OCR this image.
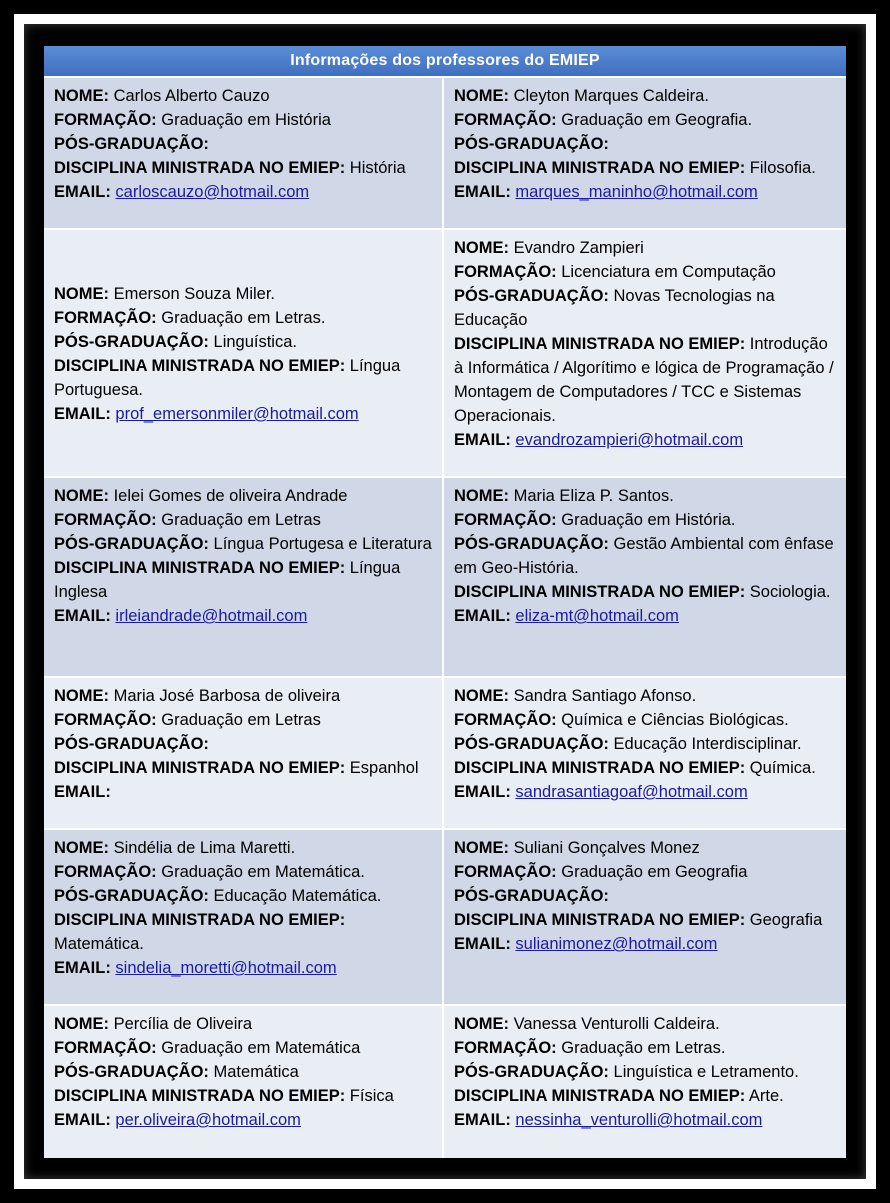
Informações dos professores do EMIEP
NOME: Carlos Alberto Cauzo
FORMAÇÃO: Graduação em História
PÓS-GRADUAÇÃO:
DISCIPLINA MINISTRADA NO EMIEP: História
EMAIL: carloscauzo@hotmail.com
NOME: Cleyton Marques Caldeira.
FORMAÇÃO: Graduação em Geografia.
PÓS-GRADUAÇÃO:
DISCIPLINA MINISTRADA NO EMIEP: Filosofia.
EMAIL: marques_maninho@hotmail.com
NOME: Emerson Souza Miler.
FORMAÇÃO: Graduação em Letras.
PÓS-GRADUAÇÃO: Linguística.
DISCIPLINA MINISTRADA NO EMIEP: Língua Portuguesa.
EMAIL: prof_emersonmiler@hotmail.com
NOME: Evandro Zampieri
FORMAÇÃO: Licenciatura em Computação
PÓS-GRADUAÇÃO: Novas Tecnologias na Educação
DISCIPLINA MINISTRADA NO EMIEP: Introdução à Informática / Algorítimo e lógica de Programação / Montagem de Computadores / TCC e Sistemas Operacionais.
EMAIL: evandrozampieri@hotmail.com
NOME: Ielei Gomes de oliveira Andrade
FORMAÇÃO: Graduação em Letras
PÓS-GRADUAÇÃO: Língua Portugesa e Literatura
DISCIPLINA MINISTRADA NO EMIEP: Língua Inglesa
EMAIL: irleiandrade@hotmail.com
NOME: Maria Eliza P. Santos.
FORMAÇÃO: Graduação em História.
PÓS-GRADUAÇÃO: Gestão Ambiental com ênfase em Geo-História.
DISCIPLINA MINISTRADA NO EMIEP: Sociologia.
EMAIL: eliza-mt@hotmail.com
NOME: Maria José Barbosa de oliveira
FORMAÇÃO: Graduação em Letras
PÓS-GRADUAÇÃO:
DISCIPLINA MINISTRADA NO EMIEP: Espanhol
EMAIL:
NOME: Sandra Santiago Afonso.
FORMAÇÃO: Química e Ciências Biológicas.
PÓS-GRADUAÇÃO: Educação Interdisciplinar.
DISCIPLINA MINISTRADA NO EMIEP: Química.
EMAIL: sandrasantiagoaf@hotmail.com
NOME: Sindélia de Lima Maretti.
FORMAÇÃO: Graduação em Matemática.
PÓS-GRADUAÇÃO: Educação Matemática.
DISCIPLINA MINISTRADA NO EMIEP: Matemática.
EMAIL: sindelia_moretti@hotmail.com
NOME: Suliani Gonçalves Monez
FORMAÇÃO: Graduação em Geografia
PÓS-GRADUAÇÃO:
DISCIPLINA MINISTRADA NO EMIEP: Geografia
EMAIL: sulianimonez@hotmail.com
NOME: Percília de Oliveira
FORMAÇÃO: Graduação em Matemática
PÓS-GRADUAÇÃO: Matemática
DISCIPLINA MINISTRADA NO EMIEP: Física
EMAIL: per.oliveira@hotmail.com
NOME: Vanessa Venturolli Caldeira.
FORMAÇÃO: Graduação em Letras.
PÓS-GRADUAÇÃO: Linguística e Letramento.
DISCIPLINA MINISTRADA NO EMIEP: Arte.
EMAIL: nessinha_venturolli@hotmail.com
